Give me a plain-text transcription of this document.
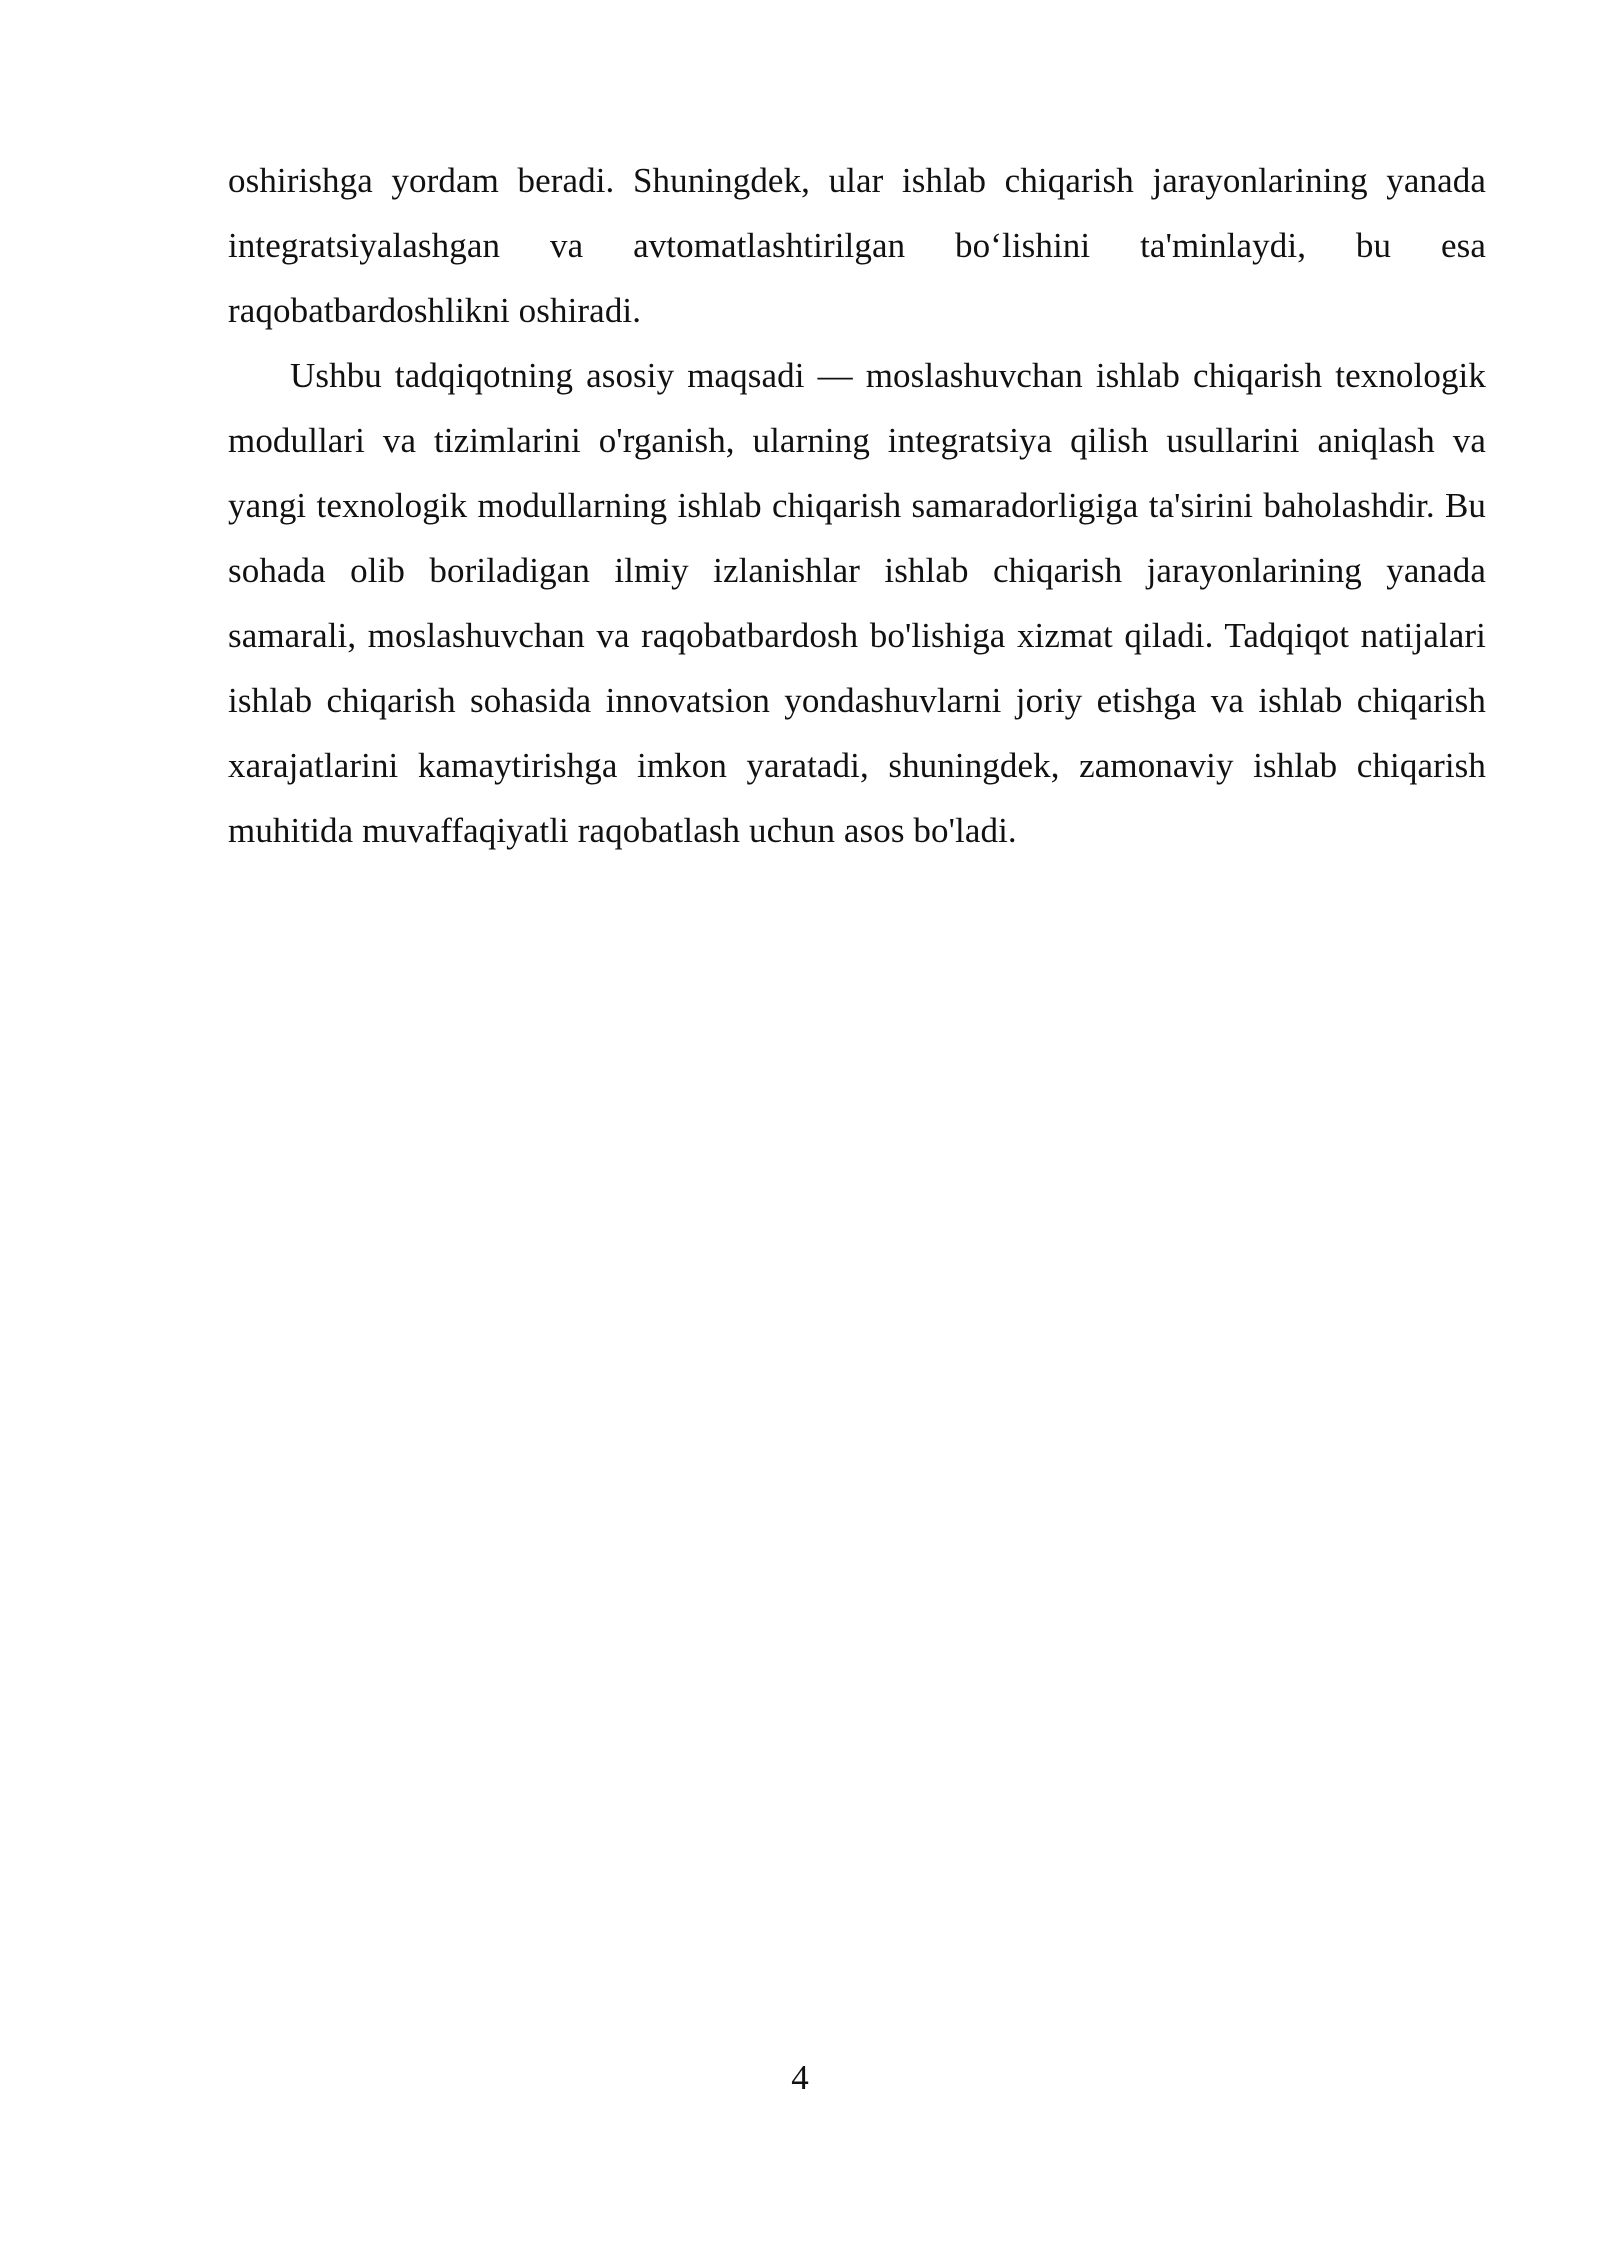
oshirishga yordam beradi. Shuningdek, ular ishlab chiqarish jarayonlarining yanada integratsiyalashgan va avtomatlashtirilgan bo‘lishini ta'minlaydi, bu esa raqobatbardoshlikni oshiradi.

Ushbu tadqiqotning asosiy maqsadi — moslashuvchan ishlab chiqarish texnologik modullari va tizimlarini o'rganish, ularning integratsiya qilish usullarini aniqlash va yangi texnologik modullarning ishlab chiqarish samaradorligiga ta'sirini baholashdir. Bu sohada olib boriladigan ilmiy izlanishlar ishlab chiqarish jarayonlarining yanada samarali, moslashuvchan va raqobatbardosh bo'lishiga xizmat qiladi. Tadqiqot natijalari ishlab chiqarish sohasida innovatsion yondashuvlarni joriy etishga va ishlab chiqarish xarajatlarini kamaytirishga imkon yaratadi, shuningdek, zamonaviy ishlab chiqarish muhitida muvaffaqiyatli raqobatlash uchun asos bo'ladi.

4
